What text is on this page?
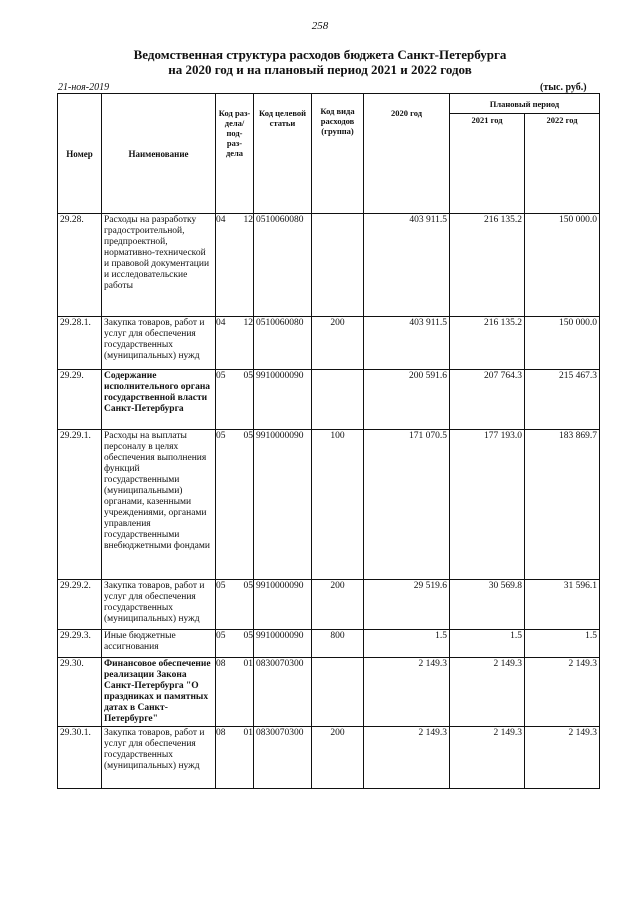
258
Ведомственная структура расходов бюджета Санкт-Петербурга
на 2020 год и на плановый период 2021 и 2022 годов
21-ноя-2019	(тыс. руб.)
Номер	Наименование	Код раз- дела/ под- раз- дела	Код целевой статьи	Код вида расходов (группа)	2020 год	Плановый период	
						2021 год	2022 год
29.28.	Расходы на разработку градостроительной, предпроектной, нормативно-технической и правовой документации и исследовательские работы	04 12	0510060080		403 911.5	216 135.2	150 000.0
29.28.1.	Закупка товаров, работ и услуг для обеспечения государственных (муниципальных) нужд	04 12	0510060080	200	403 911.5	216 135.2	150 000.0
29.29.	Содержание исполнительного органа государственной власти Санкт-Петербурга	05 05	9910000090		200 591.6	207 764.3	215 467.3
29.29.1.	Расходы на выплаты персоналу в целях обеспечения выполнения функций государственными (муниципальными) органами, казенными учреждениями, органами управления государственными внебюджетными фондами	05 05	9910000090	100	171 070.5	177 193.0	183 869.7
29.29.2.	Закупка товаров, работ и услуг для обеспечения государственных (муниципальных) нужд	05 05	9910000090	200	29 519.6	30 569.8	31 596.1
29.29.3.	Иные бюджетные ассигнования	05 05	9910000090	800	1.5	1.5	1.5
29.30.	Финансовое обеспечение реализации Закона Санкт-Петербурга "О праздниках и памятных датах в Санкт-Петербурге"	08 01	0830070300		2 149.3	2 149.3	2 149.3
29.30.1.	Закупка товаров, работ и услуг для обеспечения государственных (муниципальных) нужд	08 01	0830070300	200	2 149.3	2 149.3	2 149.3
